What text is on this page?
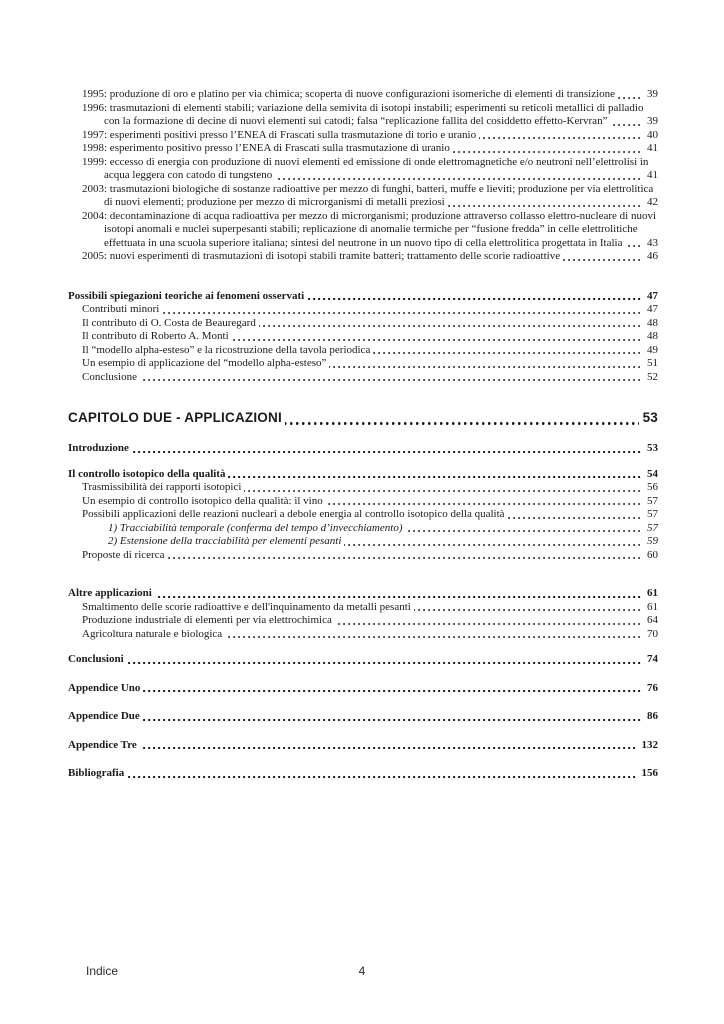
1995: produzione di oro e platino per via chimica; scoperta di nuove configurazioni isomeriche di elementi di transizione	39
1996: trasmutazioni di elementi stabili; variazione della semivita di isotopi instabili; esperimenti su reticoli metallici di palladio con la formazione di decine di nuovi elementi sui catodi; falsa “replicazione fallita del cosiddetto effetto-Kervran”	39
1997: esperimenti positivi presso l’ENEA di Frascati sulla trasmutazione di torio e uranio	40
1998: esperimento positivo presso l’ENEA di Frascati sulla trasmutazione di uranio	41
1999: eccesso di energia con produzione di nuovi elementi ed emissione di onde elettromagnetiche e/o neutroni nell’elettrolisi in acqua leggera con catodo di tungsteno	41
2003: trasmutazioni biologiche di sostanze radioattive per mezzo di funghi, batteri, muffe e lieviti; produzione per via elettrolitica di nuovi elementi; produzione per mezzo di microrganismi di metalli preziosi	42
2004: decontaminazione di acqua radioattiva per mezzo di microrganismi; produzione attraverso collasso elettro-nucleare di nuovi isotopi anomali e nuclei superpesanti stabili; replicazione di anomalie termiche per “fusione fredda” in celle elettrolitiche effettuata in una scuola superiore italiana; sintesi del neutrone in un nuovo tipo di cella elettrolitica progettata in Italia	43
2005: nuovi esperimenti di trasmutazioni di isotopi stabili tramite batteri; trattamento delle scorie radioattive	46
Possibili spiegazioni teoriche ai fenomeni osservati	47
Contributi minori	47
Il contributo di O. Costa de Beauregard	48
Il contributo di Roberto A. Monti	48
Il “modello alpha-esteso” e la ricostruzione della tavola periodica	49
Un esempio di applicazione del “modello alpha-esteso”	51
Conclusione	52
CAPITOLO DUE - APPLICAZIONI	53
Introduzione	53
Il controllo isotopico della qualità	54
Trasmissibilità dei rapporti isotopici	56
Un esempio di controllo isotopico della qualità: il vino	57
Possibili applicazioni delle reazioni nucleari a debole energia al controllo isotopico della qualità	57
1) Tracciabilità temporale (conferma del tempo d’invecchiamento)	57
2) Estensione della tracciabilità per elementi pesanti	59
Proposte di ricerca	60
Altre applicazioni	61
Smaltimento delle scorie radioattive e dell'inquinamento da metalli pesanti	61
Produzione industriale di elementi per via elettrochimica	64
Agricoltura naturale e biologica	70
Conclusioni	74
Appendice Uno	76
Appendice Due	86
Appendice Tre	132
Bibliografia	156
Indice	4
